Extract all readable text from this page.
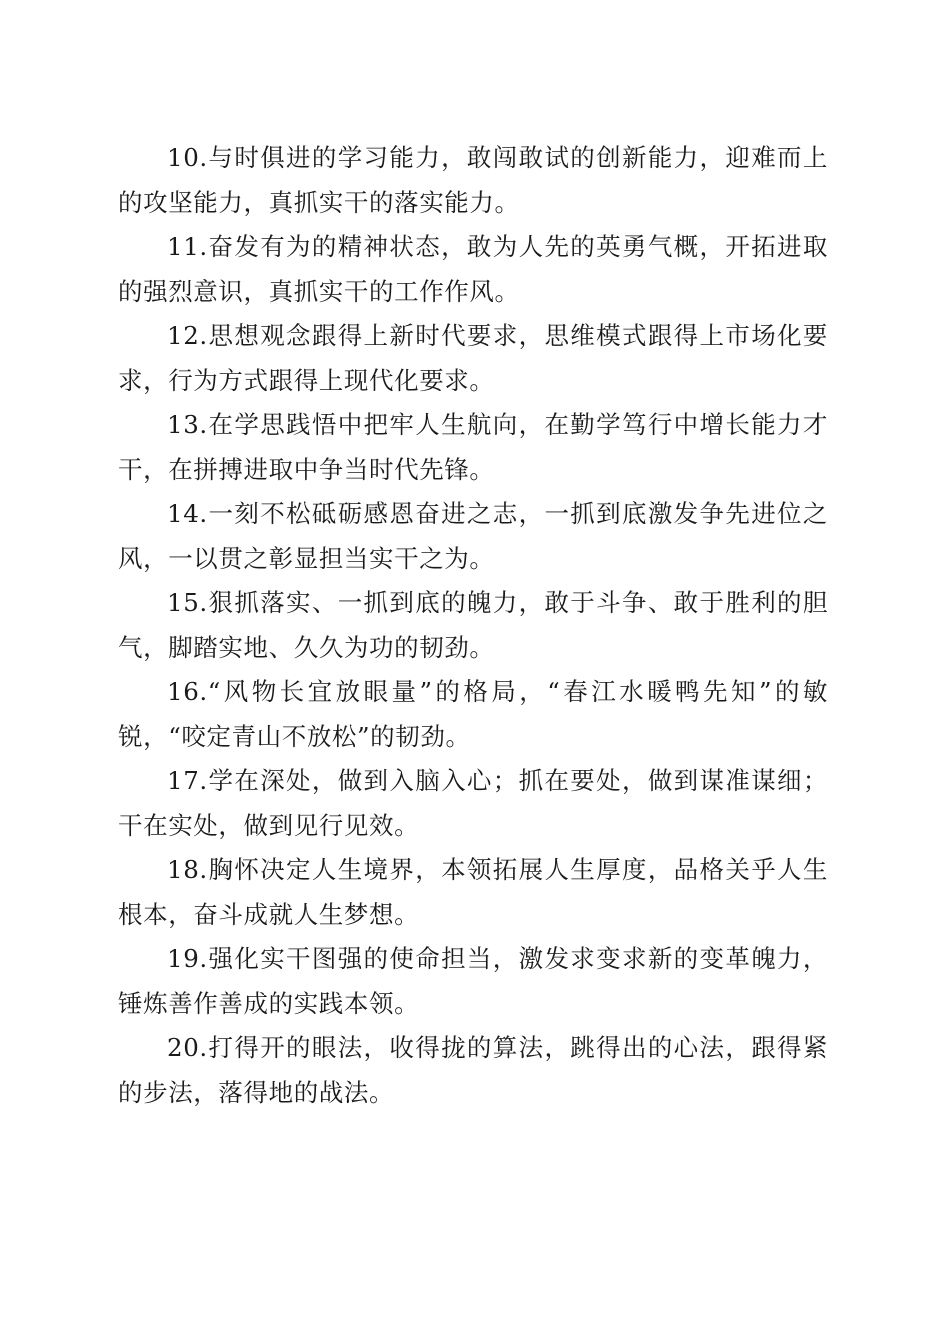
10.与时俱进的学习能力，敢闯敢试的创新能力，迎难而上的攻坚能力，真抓实干的落实能力。

11.奋发有为的精神状态，敢为人先的英勇气概，开拓进取的强烈意识，真抓实干的工作作风。

12.思想观念跟得上新时代要求，思维模式跟得上市场化要求，行为方式跟得上现代化要求。

13.在学思践悟中把牢人生航向，在勤学笃行中增长能力才干，在拼搏进取中争当时代先锋。

14.一刻不松砥砺感恩奋进之志，一抓到底激发争先进位之风，一以贯之彰显担当实干之为。

15.狠抓落实、一抓到底的魄力，敢于斗争、敢于胜利的胆气，脚踏实地、久久为功的韧劲。

16.“风物长宜放眼量”的格局，“春江水暖鸭先知”的敏锐，“咬定青山不放松”的韧劲。

17.学在深处，做到入脑入心；抓在要处，做到谋准谋细；干在实处，做到见行见效。

18.胸怀决定人生境界，本领拓展人生厚度，品格关乎人生根本，奋斗成就人生梦想。

19.强化实干图强的使命担当，激发求变求新的变革魄力，锤炼善作善成的实践本领。

20.打得开的眼法，收得拢的算法，跳得出的心法，跟得紧的步法，落得地的战法。
